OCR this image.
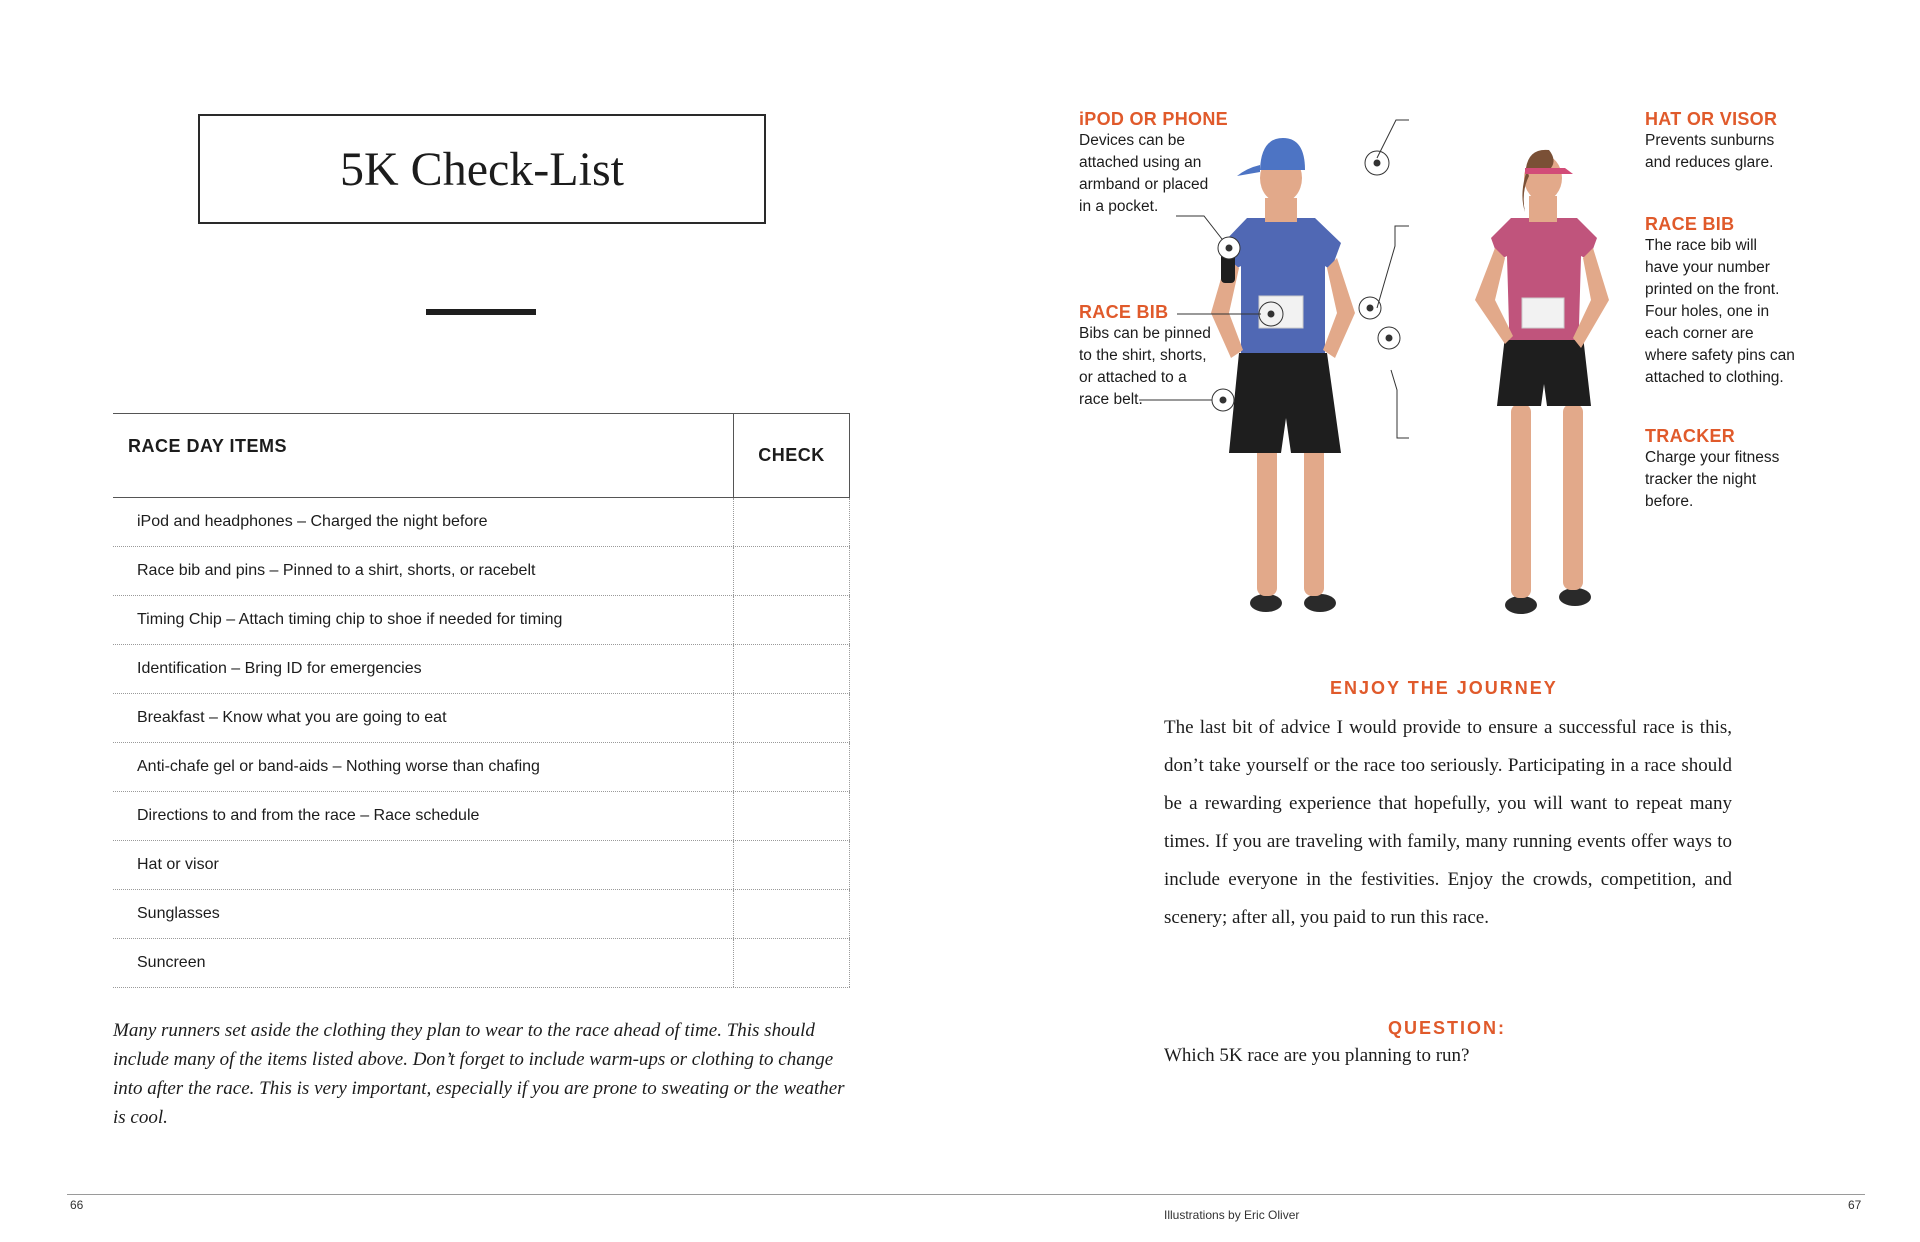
5K Check-List
RACE DAY ITEMS	CHECK
iPod and headphones – Charged the night before
Race bib and pins – Pinned to a shirt, shorts, or racebelt
Timing Chip – Attach timing chip to shoe if needed for timing
Identification – Bring ID for emergencies
Breakfast – Know what you are going to eat
Anti-chafe gel or band-aids – Nothing worse than chafing
Directions to and from the race – Race schedule
Hat or visor
Sunglasses
Suncreen

Many runners set aside the clothing they plan to wear to the race ahead of time. This should include many of the items listed above. Don’t forget to include warm-ups or clothing to change into after the race. This is very important, especially if you are prone to sweating or the weather is cool.

iPOD OR PHONE
Devices can be
attached using an
armband or placed
in a pocket.
RACE BIB
Bibs can be pinned
to the shirt, shorts,
or attached to a
race belt.
HAT OR VISOR
Prevents sunburns
and reduces glare.
RACE BIB
The race bib will
have your number
printed on the front.
Four holes, one in
each corner are
where safety pins can
attached to clothing.
TRACKER
Charge your fitness
tracker the night
before.
ENJOY THE JOURNEY

The last bit of advice I would provide to ensure a successful race is this, don’t take yourself or the race too seriously. Participating in a race should be a rewarding experience that hopefully, you will want to repeat many times. If you are traveling with family, many running events offer ways to include everyone in the festivities. Enjoy the crowds, competition, and scenery; after all, you paid to run this race.

QUESTION:

Which 5K race are you planning to run?

66
Illustrations by Eric Oliver
67
